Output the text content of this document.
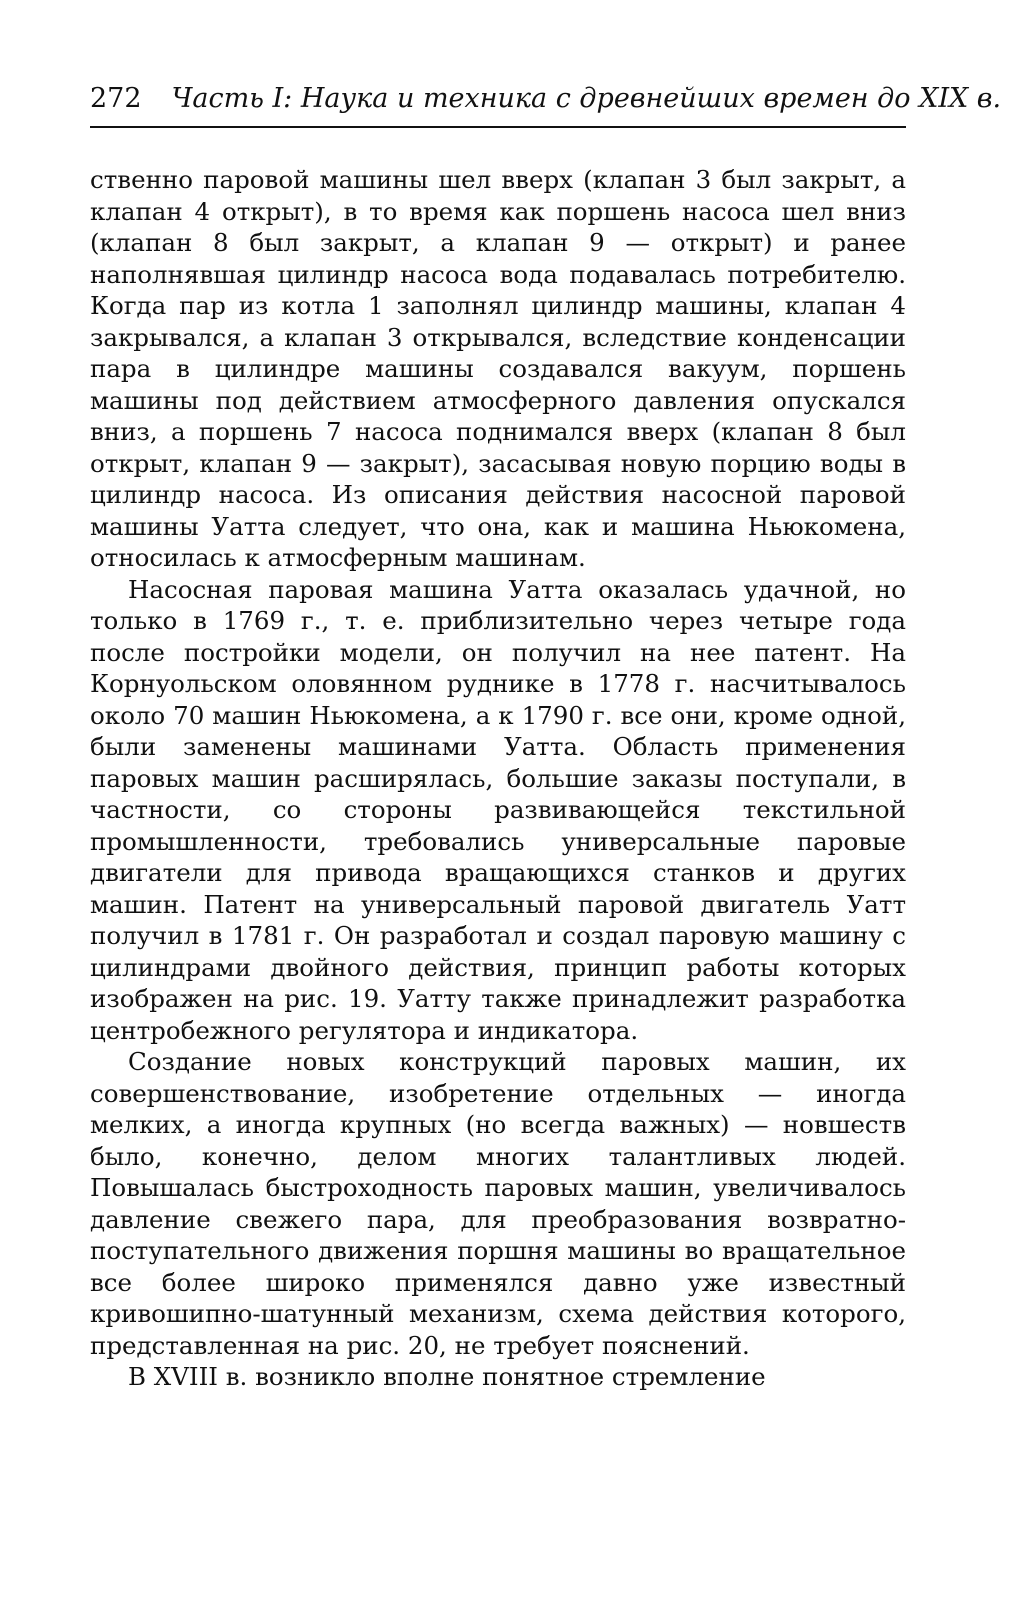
272 Часть I: Наука и техника с древнейших времен до XIX в.

ственно паровой машины шел вверх (клапан 3 был закрыт, а клапан 4 открыт), в то время как поршень насоса шел вниз (клапан 8 был закрыт, а клапан 9 — открыт) и ранее наполнявшая цилиндр насоса вода подавалась потребителю. Когда пар из котла 1 заполнял цилиндр машины, клапан 4 закрывался, а клапан 3 открывался, вследствие конденсации пара в цилиндре машины создавался вакуум, поршень машины под действием атмосферного давления опускался вниз, а поршень 7 насоса поднимался вверх (клапан 8 был открыт, клапан 9 — закрыт), засасывая новую порцию воды в цилиндр насоса. Из описания действия насосной паровой машины Уатта следует, что она, как и машина Ньюкомена, относилась к атмосферным машинам.

Насосная паровая машина Уатта оказалась удачной, но только в 1769 г., т. е. приблизительно через четыре года после постройки модели, он получил на нее патент. На Корнуольском оловянном руднике в 1778 г. насчитывалось около 70 машин Ньюкомена, а к 1790 г. все они, кроме одной, были заменены машинами Уатта. Область применения паровых машин расширялась, большие заказы поступали, в частности, со стороны развивающейся текстильной промышленности, требовались универсальные паровые двигатели для привода вращающихся станков и других машин. Патент на универсальный паровой двигатель Уатт получил в 1781 г. Он разработал и создал паровую машину с цилиндрами двойного действия, принцип работы которых изображен на рис. 19. Уатту также принадлежит разработка центробежного регулятора и индикатора.

Создание новых конструкций паровых машин, их совершенствование, изобретение отдельных — иногда мелких, а иногда крупных (но всегда важных) — новшеств было, конечно, делом многих талантливых людей. Повышалась быстроходность паровых машин, увеличивалось давление свежего пара, для преобразования возвратно-поступательного движения поршня машины во вращательное все более широко применялся давно уже известный кривошипно-шатунный механизм, схема действия которого, представленная на рис. 20, не требует пояснений.

В XVIII в. возникло вполне понятное стремление
